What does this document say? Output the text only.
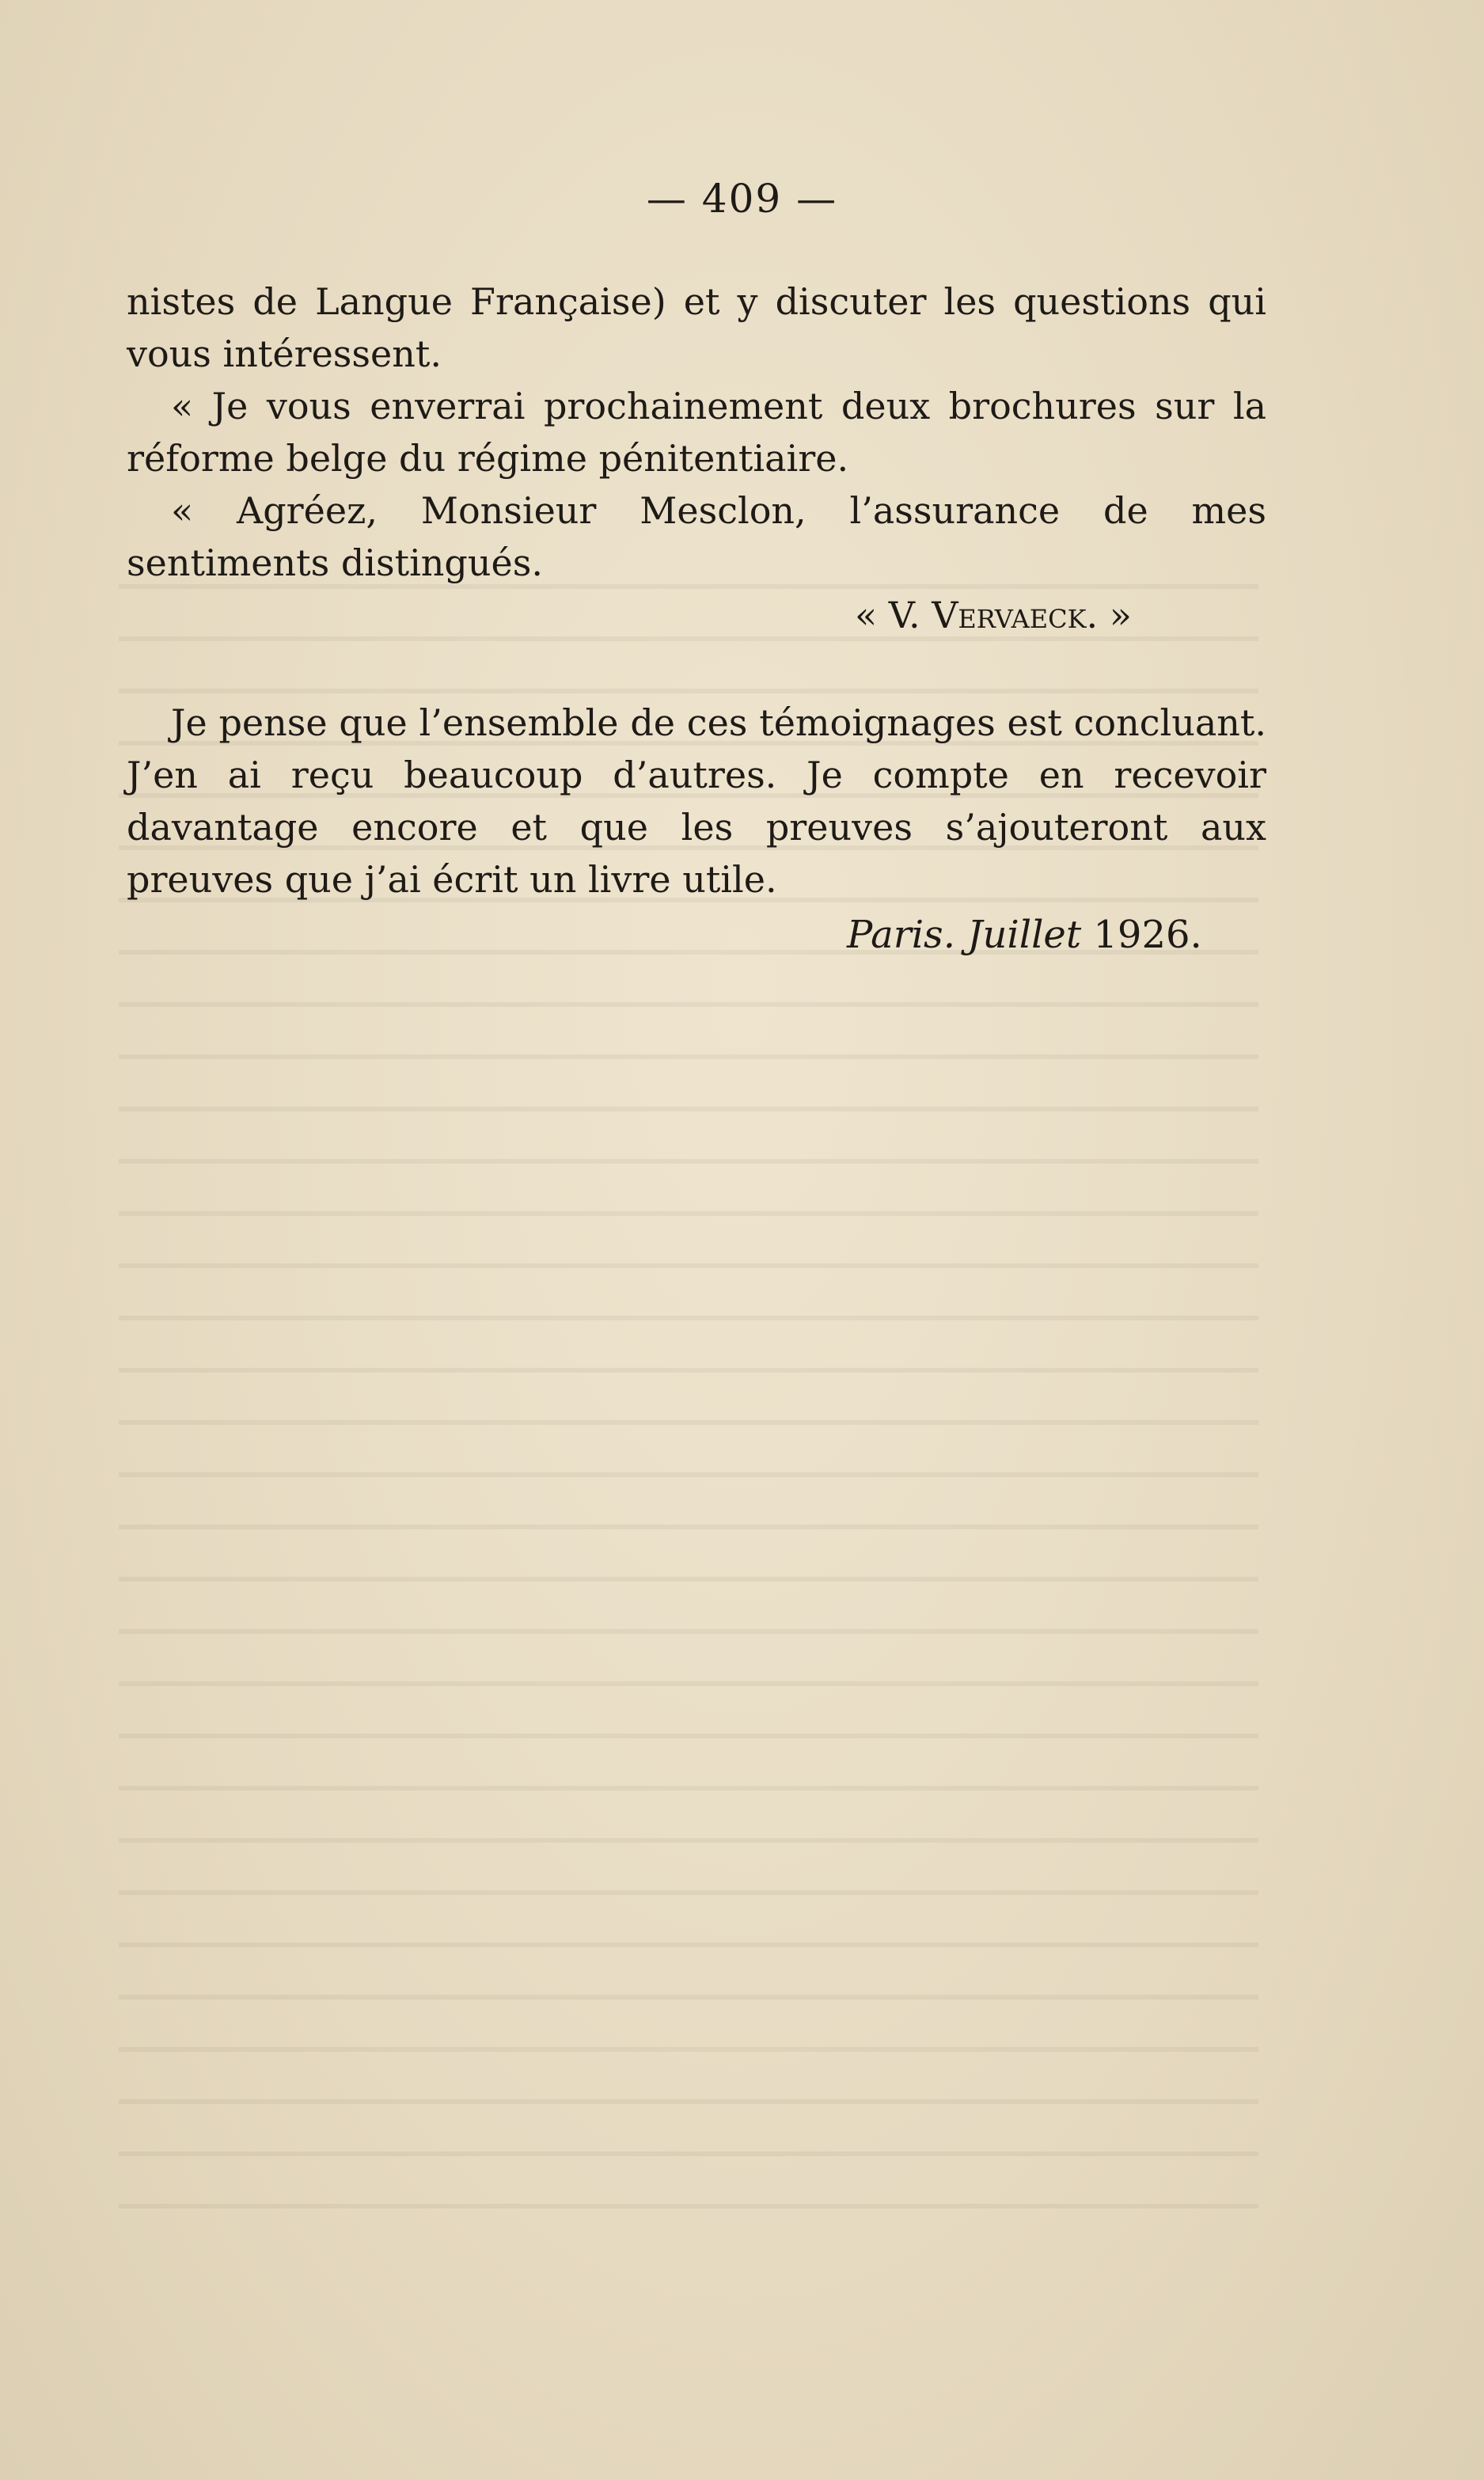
— 409 —

nistes de Langue Française) et y discuter les questions qui vous intéressent.

« Je vous enverrai prochainement deux brochures sur la réforme belge du régime pénitentiaire.

« Agréez, Monsieur Mesclon, l’assurance de mes sentiments distingués.

« V. Vervaeck. »

Je pense que l’ensemble de ces témoignages est concluant. J’en ai reçu beaucoup d’autres. Je compte en recevoir davantage encore et que les preuves s’ajouteront aux preuves que j’ai écrit un livre utile.

Paris. Juillet 1926.
